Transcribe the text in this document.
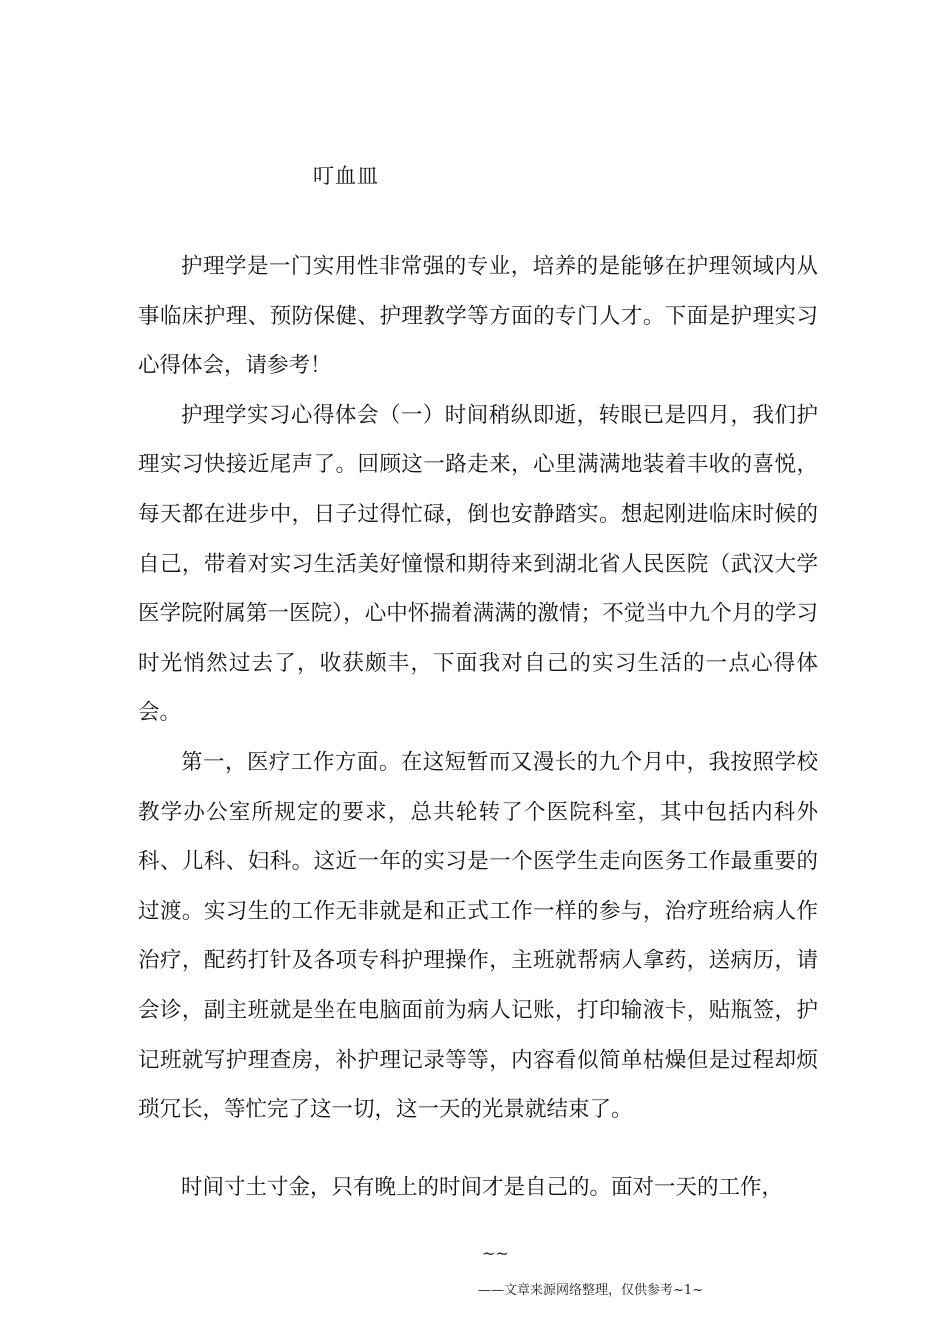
叮血皿

护理学是一门实用性非常强的专业，培养的是能够在护理领域内从事临床护理、预防保健、护理教学等方面的专门人才。下面是护理实习心得体会，请参考！

护理学实习心得体会（一）时间稍纵即逝，转眼已是四月，我们护理实习快接近尾声了。回顾这一路走来，心里满满地装着丰收的喜悦，每天都在进步中，日子过得忙碌，倒也安静踏实。想起刚进临床时候的自己，带着对实习生活美好憧憬和期待来到湖北省人民医院（武汉大学医学院附属第一医院），心中怀揣着满满的激情；不觉当中九个月的学习时光悄然过去了，收获颇丰，下面我对自己的实习生活的一点心得体会。

第一，医疗工作方面。在这短暂而又漫长的九个月中，我按照学校教学办公室所规定的要求，总共轮转了个医院科室，其中包括内科外科、儿科、妇科。这近一年的实习是一个医学生走向医务工作最重要的过渡。实习生的工作无非就是和正式工作一样的参与，治疗班给病人作治疗，配药打针及各项专科护理操作，主班就帮病人拿药，送病历，请会诊，副主班就是坐在电脑面前为病人记账，打印输液卡，贴瓶签，护记班就写护理查房，补护理记录等等，内容看似简单枯燥但是过程却烦琐冗长，等忙完了这一切，这一天的光景就结束了。

时间寸土寸金，只有晚上的时间才是自己的。面对一天的工作，

~~
——文章来源网络整理，仅供参考~1~
